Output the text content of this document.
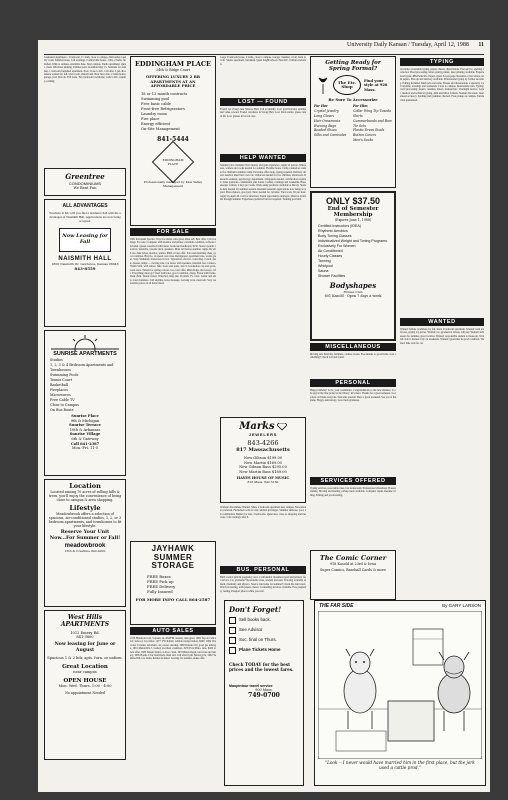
University Daily Kansan / Tuesday, April 12, 1988 11
Graduated Apartment - 2 bedroom, 1½ bath, close to campus, dishwasher, laundry room. Summer lease. Call evenings. Comfortable house - bills, 2 baths, furnished. Walk to campus. Available June. Near campus. Studio apartment. Quiet, clean. Off-street parking. Utilities paid. Available May 15. Sublease for summer. 1 bedroom furnished apartment. Pool. Close to KU. Call after 5 pm. Roommate wanted for fall. Own room, shared bath. Near bus route. 2 bdrm house, garage, yard. Pets ok. Fall lease. Two bedroom townhome, walk to KU, laundry, parking.
Greentree
CONDOMINIUMS
We Rent Fun
ALL ADVANTAGES
Nowhere at KU will you find a residence hall with the advantages of Naismith Hall. Applications are now being accepted.
Now Leasing for Fall
NAISMITH HALL
1800 Naismith Dr. Lawrence, Kansas 66046
843-8559
SUNRISE APARTMENTS
Studios
1, 2, 3 & 4 Bedroom Apartments and Townhouses
Swimming Pools
Tennis Court
Basketball
Fireplaces
Microwaves
Free Cable TV
Close to Campus
On Bus Route
Sunrise Place
9th & Michigan
Sunrise Terrace
10th & Arkansas
Sunrise Village
6th & Gateway
Call 841-2387
Mon.-Fri. 11-5
Location
Located among 70 acres of rolling hills & trees, you'll enjoy the convenience of being close to campus & area shopping.
Lifestyle
Meadowbrook offers a selection of spacious, air-conditioned studios, 1, 2, or 3 bedroom apartments, and townhomes to fit your lifestyle.
Reserve Your Unit Now...For Summer or Fall!
meadowbrook
15th & Crestline 842-4200
West Hills APARTMENTS
1012 Emery Rd.
841-3800
Now leasing for June or August
Spacious 1 & 2 bdr. apts. furn. or unfurn.
Great Location
near campus
OPEN HOUSE
Mon. Wed. Thurs. 1:00 - 4:00
No appointment Needed
EDDINGHAM PLACE
24th & Ridge Court
OFFERING LUXURY 2 BR APARTMENTS AT AN AFFORDABLE PRICE
18 or 12 month contracts
Swimming pool
Free basic cable
Frost-free Refrigerators
Laundry room
Fire place
Energy efficient
On-Site Management
841-5444
EDDINGHAM PLACE
Professionally managed by Kaw Valley Management
FOR SALE
1981 Kawasaki Spectre. Very low miles, runs great, must sell. Best offer. Call evenings. For sale: Computer with monitor and printer, excellent condition, software included. Queen waterbed with heater, bookcase headboard, $150. Stereo system: receiver, turntable, cassette deck, speakers. Must sell before summer. Apple IIe with two disk drives, monitor, printer. $800 or best offer. Sofa and matching chair, good condition. Bicycle, 12-speed, new tires. Refrigerator, apartment size, works great. Sony Walkman, brand new in box. Typewriter, electric, correcting. Couch, desk, dresser, lamps — moving sale. Car stereo with speakers, installed free. Camera, 35mm SLR, with lenses. Skis, boots and poles, size 9. Graduation cap and gown, worn once. Tickets for spring concert, two, best offer. Mini-fridge, microwave, loft. Everything must go! Used textbooks, good condition, cheap. Futon with frame. Desk chair. Tennis racket. Waterbed, king size. Portable TV, color. Guitar and amp. Lawn furniture. Call anytime, leave message. Leaving town, must sell. Very reasonable prices on all items listed.
JAYHAWK
SUMMER
STORAGE
FREE Boxes
FREE Pick up
FREE Delivery
Fully Insured
FOR MORE INFO CALL 864-2587
AUTO SALES
1979 Honda Accord, 5-speed, air, AM/FM cassette, runs great. 1982 Toyota Celica GT, sunroof, low miles. 1977 VW Rabbit, reliable transportation, $900. 1984 Chevrolet Cavalier, automatic, air, power steering. 1980 Datsun 210, good gas mileage. 1981 Mazda RX-7, loaded, excellent condition. 1976 Ford Pinto, runs, $400 or best offer. 1983 Nissan Sentra, 4-door, clean. 1978 Buick Regal, new tires and battery. 1985 Honda Civic hatchback, must sell. Call after 6 pm. Motorcycle, 1982 Yamaha 650, low miles, helmet included. Leaving for summer, make offer.
Large 3 bedroom house, 2 baths, close to campus. Garage. Summer or fall. Rent for fall. Studio apartment, furnished. Quiet neighborhood. Near KU. Utilities included.
LOST — FOUND
Found: set of keys near Wescoe Hall. Call to identify. Lost: gold bracelet, sentimental value, reward. Found: calculator in Strong Hall. Lost: black wallet, please return ID. Lost: glasses in brown case.
HELP WANTED
Summer jobs available! Earn money and gain experience. Apply in person. Waitresses, waiters and cooks needed for summer. Flexible hours. Camp counselors wanted for children's summer camp. Part-time office help, typing required. Delivery drivers needed, must have own car. Childcare needed for two children, afternoons. Research assistant, psychology department. Lifeguards needed, certification required. Sales positions, commission plus bonus. Cashier, evenings and weekends. Housekeeper wanted, 2 days per week. Work-study positions available at library. Student help needed for summer session. Resident assistant applications now being accepted. Pizza makers, good pay. Tutor needed for calculus. Yard work, $5 per hour. Apply by April 20. Call for interview. Equal opportunity employer. Must be available through summer. Experience preferred but not required. Training provided.
Marks
JEWELERS
843-4266
817 Massachusetts
New Gibson $199.00
New Martin $169.00
New Gibson Bass $295.00
New Martin Bass $189.00
HAYES HOUSE OF MUSIC
816 Mass. 842-5160
Woman's Roommate Wanted. Share 2 bedroom apartment near campus. Non-smoker preferred. Furnished room for rent, kitchen privileges. Summer sublease, pool, air conditioned. Duplex for rent, 3 bedrooms. Quiet area, close to shopping and bus route. Call evenings after 6.
BUS. PERSONAL
Birth control pills & pregnancy tests. Confidential. Resumes typed and printed, fast service. Car problems? Reasonable rates, student discount. Tutoring available in math, chemistry and physics. Need a ride home for summer? Check the ride board. Word processing, term papers, theses. Counseling services available. Free pregnancy testing. Passport photos while you wait.
Getting Ready for Spring Formal?
The Etc. Shop
Find your style at 928 Mass.
Be Sure To Accessorize
For Her
Crystal Jewelry
Long Gloves
Hair Ornaments
Evening Bags
Beaded Shoes
Silks and Camisoles
For Him
Collar Wing Tip Tuxedo Shirts
Cummerbunds and Bow Tie Sets
Plastic Dress Studs
Button Covers
Men's Socks
ONLY $37.50
End of Semester Membership
(Expires June 1, 1988)
Certified Instructors (IDEA)
Rhythmic Aerobics
Body Toning Classes
Individualized Weight and Toning Programs
Exclusively For Women
Air Conditioned
Hourly Classes
Tanning
Whirlpool
Sauna
Shower Facilities
Bodyshapes
Fitness Club
601 Kasold · Open 7 days a week
MISCELLANEOUS
Moving sale Saturday, furniture, clothes, books. Free kittens to good home. Lost something? Check lost and found.
PERSONAL
Happy birthday! Love, your roommates. Congratulations to the new initiates. To the guy in the blue jacket at the library: let's meet. Thanks for a great semester. Good luck on finals everyone. Welcome parents! Have a great weekend. See you at the game. Happy anniversary. Good luck graduates.
SERVICES OFFERED
Typing services, reasonable rates, fast turnaround. Professional alterations. Housecleaning. Moving and hauling, pickup truck available. Computer repair. Resume writing. Editing and proofreading.
The Comic Corner
918 Kasold at 23rd & Iowa
Super Comics, Baseball Cards & more
TYPING
Accurate, reasonable typing, papers, theses, dissertations. Fast service, spelling corrected. Word processing, letter quality printer, laser printing available. Experienced typist, IBM Selectric. Papers typed, $1 per page. Resumes, cover letters, term papers. Pick up and delivery available. Professional typing by former secretary. Editing included. Rush jobs welcome. Theses and dissertations a specialty. Call anytime, evenings and weekends. Close to campus. Reasonable rates. Typing/word processing: papers, resumes, letters, manuscripts. Overnight service. Legal, medical and technical typing. APA and MLA formats. Student discounts. Guaranteed accuracy. Spelling and grammar checked. Free pickup on campus. Satisfaction guaranteed.
WANTED
Wanted: female roommate for fall, share 2 bedroom apartment. Wanted: used textbooks, paying top prices. Wanted: two graduation tickets, will pay. Wanted: subleasers for summer, great location. Wanted: responsible student to house-sit. Wanted: ride to Kansas City on weekends. Wanted: typewriter in good condition. Wanted: bike rack for car.
Don't Forget!
Sell books back.
See Advisor
Soc. final on Thurs.
Plane Tickets Home
Check TODAY for the best prices and the lowest fares.
Maupintour travel service
900 Mass.
749-0700
THE FAR SIDE	By GARY LARSON
"Look -- I never would have married him in the first place, but the jerk used a cattle prod."
